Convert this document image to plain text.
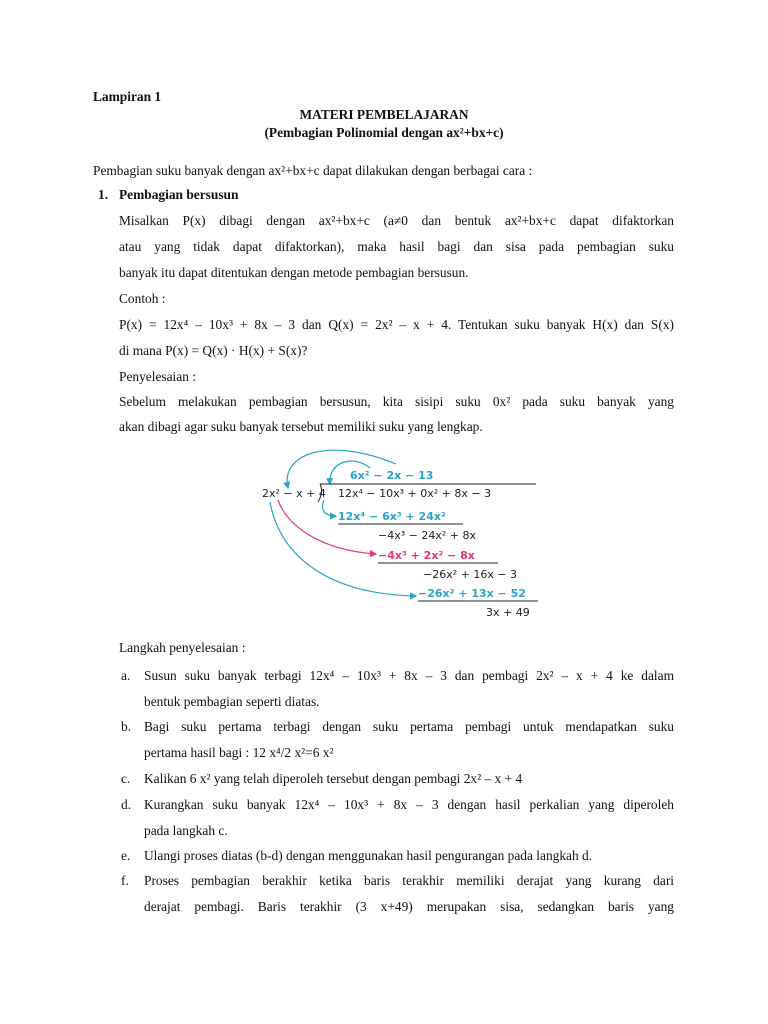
Lampiran 1
MATERI PEMBELAJARAN
(Pembagian Polinomial dengan ax²+bx+c)
Pembagian suku banyak dengan ax²+bx+c dapat dilakukan dengan berbagai cara :
1. Pembagian bersusun
Misalkan P(x) dibagi dengan ax²+bx+c (a≠0 dan bentuk ax²+bx+c dapat difaktorkan
atau yang tidak dapat difaktorkan), maka hasil bagi dan sisa pada pembagian suku
banyak itu dapat ditentukan dengan metode pembagian bersusun.
Contoh :
P(x) = 12x⁴ – 10x³ + 8x – 3 dan Q(x) = 2x² – x + 4. Tentukan suku banyak H(x) dan S(x)
di mana P(x) = Q(x) · H(x) + S(x)?
Penyelesaian :
Sebelum melakukan pembagian bersusun, kita sisipi suku 0x² pada suku banyak yang
akan dibagi agar suku banyak tersebut memiliki suku yang lengkap.
6x² − 2x − 13
2x² − x + 4 12x⁴ − 10x³ + 0x² + 8x − 3
12x⁴ − 6x³ + 24x²
−4x³ − 24x² + 8x
−4x³ + 2x² − 8x
−26x² + 16x − 3
−26x² + 13x − 52
3x + 49
Langkah penyelesaian :
a. Susun suku banyak terbagi 12x⁴ – 10x³ + 8x – 3 dan pembagi 2x² – x + 4 ke dalam
bentuk pembagian seperti diatas.
b. Bagi suku pertama terbagi dengan suku pertama pembagi untuk mendapatkan suku
pertama hasil bagi : 12 x⁴/2 x²=6 x²
c. Kalikan 6 x² yang telah diperoleh tersebut dengan pembagi 2x² – x + 4
d. Kurangkan suku banyak 12x⁴ – 10x³ + 8x – 3 dengan hasil perkalian yang diperoleh
pada langkah c.
e. Ulangi proses diatas (b-d) dengan menggunakan hasil pengurangan pada langkah d.
f. Proses pembagian berakhir ketika baris terakhir memiliki derajat yang kurang dari
derajat pembagi. Baris terakhir (3 x+49) merupakan sisa, sedangkan baris yang
